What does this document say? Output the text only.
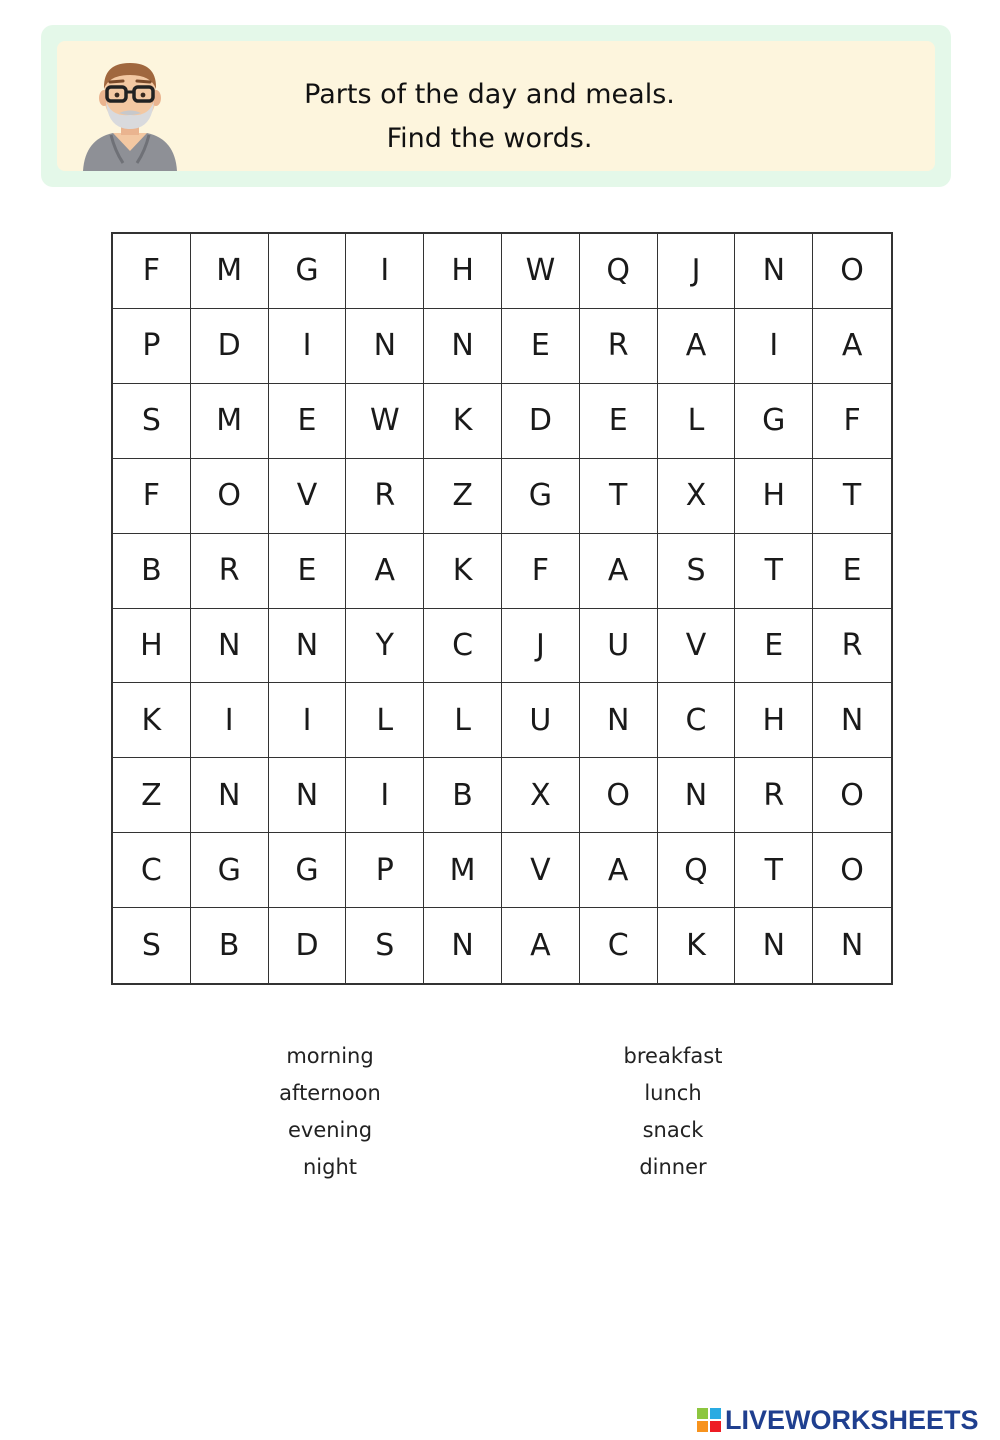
Parts of the day and meals.
Find the words.
F	M	G	I	H	W	Q	J	N	O
P	D	I	N	N	E	R	A	I	A
S	M	E	W	K	D	E	L	G	F
F	O	V	R	Z	G	T	X	H	T
B	R	E	A	K	F	A	S	T	E
H	N	N	Y	C	J	U	V	E	R
K	I	I	L	L	U	N	C	H	N
Z	N	N	I	B	X	O	N	R	O
C	G	G	P	M	V	A	Q	T	O
S	B	D	S	N	A	C	K	N	N
morning
afternoon
evening
night
breakfast
lunch
snack
dinner
LIVEWORKSHEETS
